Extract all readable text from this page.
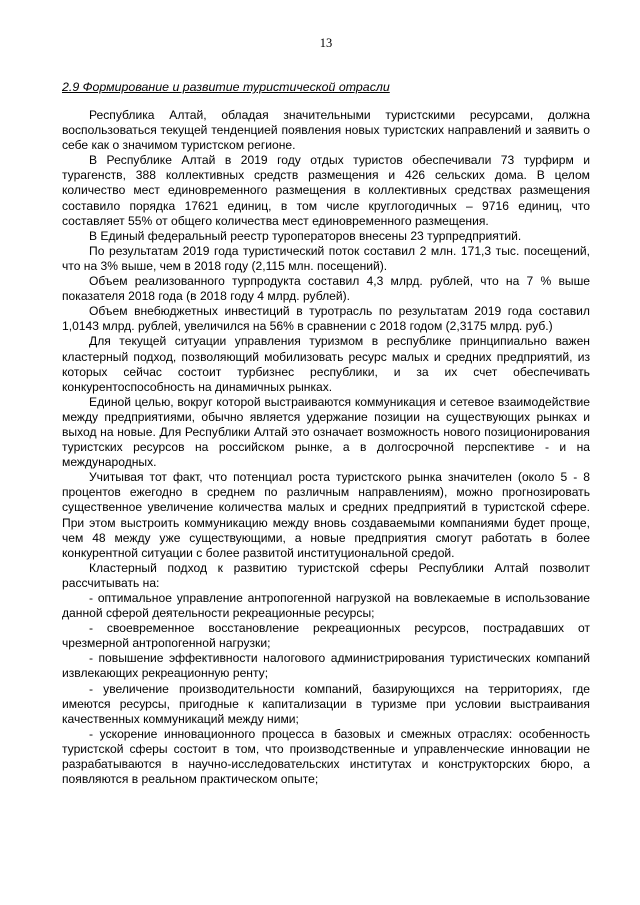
13
2.9 Формирование и развитие туристической отрасли

Республика Алтай, обладая значительными туристскими ресурсами, должна воспользоваться текущей тенденцией появления новых туристских направлений и заявить о себе как о значимом туристском регионе.

В Республике Алтай в 2019 году отдых туристов обеспечивали 73 турфирм и турагенств, 388 коллективных средств размещения и 426 сельских дома. В целом количество мест единовременного размещения в коллективных средствах размещения составило порядка 17621 единиц, в том числе круглогодичных – 9716 единиц, что составляет 55% от общего количества мест единовременного размещения.

В Единый федеральный реестр туроператоров внесены 23 турпредприятий.

По результатам 2019 года туристический поток составил 2 млн. 171,3 тыс. посещений, что на 3% выше, чем в 2018 году (2,115 млн. посещений).

Объем реализованного турпродукта составил 4,3 млрд. рублей, что на 7 % выше показателя 2018 года (в 2018 году 4 млрд. рублей).

Объем внебюджетных инвестиций в туротрасль по результатам 2019 года составил 1,0143 млрд. рублей, увеличился на 56% в сравнении с 2018 годом (2,3175 млрд. руб.)

Для текущей ситуации управления туризмом в республике принципиально важен кластерный подход, позволяющий мобилизовать ресурс малых и средних предприятий, из которых сейчас состоит турбизнес республики, и за их счет обеспечивать конкурентоспособность на динамичных рынках.

Единой целью, вокруг которой выстраиваются коммуникация и сетевое взаимодействие между предприятиями, обычно является удержание позиции на существующих рынках и выход на новые. Для Республики Алтай это означает возможность нового позиционирования туристских ресурсов на российском рынке, а в долгосрочной перспективе - и на международных.

Учитывая тот факт, что потенциал роста туристского рынка значителен (около 5 - 8 процентов ежегодно в среднем по различным направлениям), можно прогнозировать существенное увеличение количества малых и средних предприятий в туристской сфере. При этом выстроить коммуникацию между вновь создаваемыми компаниями будет проще, чем 48 между уже существующими, а новые предприятия смогут работать в более конкурентной ситуации с более развитой институциональной средой.

Кластерный подход к развитию туристской сферы Республики Алтай позволит рассчитывать на:

- оптимальное управление антропогенной нагрузкой на вовлекаемые в использование данной сферой деятельности рекреационные ресурсы;

- своевременное восстановление рекреационных ресурсов, пострадавших от чрезмерной антропогенной нагрузки;

- повышение эффективности налогового администрирования туристических компаний извлекающих рекреационную ренту;

- увеличение производительности компаний, базирующихся на территориях, где имеются ресурсы, пригодные к капитализации в туризме при условии выстраивания качественных коммуникаций между ними;

- ускорение инновационного процесса в базовых и смежных отраслях: особенность туристской сферы состоит в том, что производственные и управленческие инновации не разрабатываются в научно-исследовательских институтах и конструкторских бюро, а появляются в реальном практическом опыте;
